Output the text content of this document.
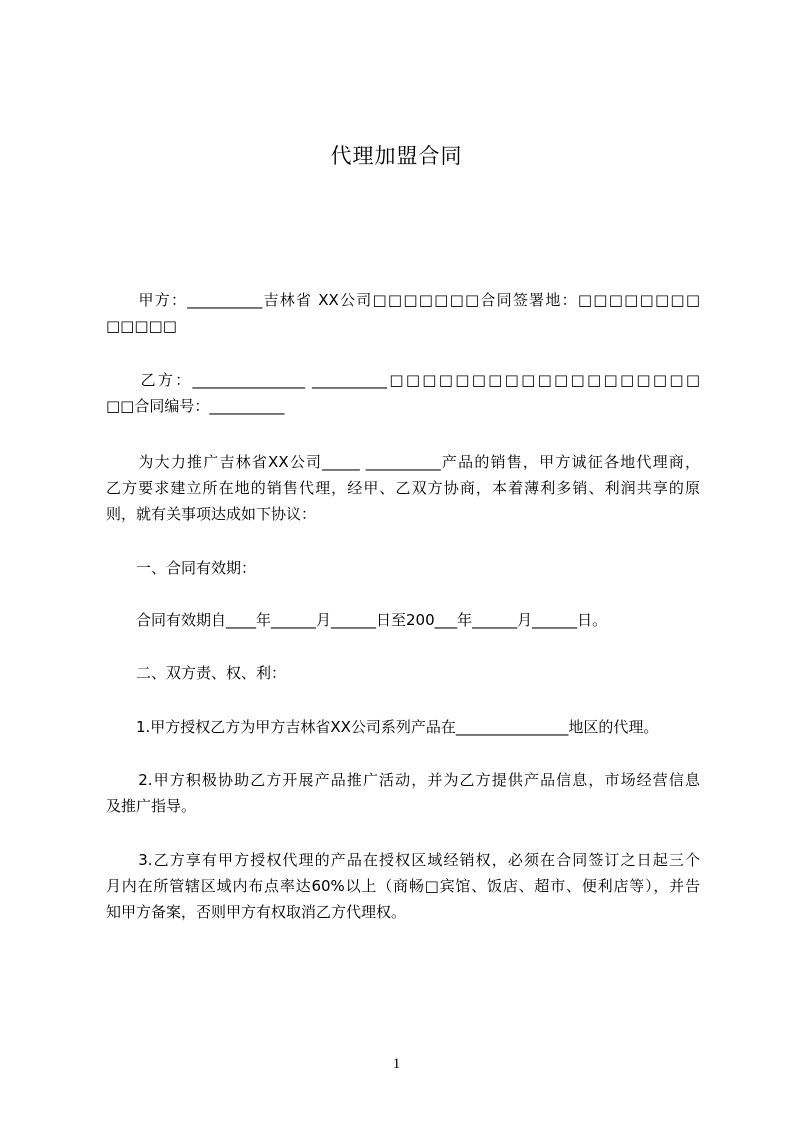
代理加盟合同

　　甲方：__________吉林省 XX公司□□□□□□□合同签署地：□□□□□□□□
□□□□□

　　乙方：_______________ __________□□□□□□□□□□□□□□□□□□□
□□合同编号：__________

　　为大力推广吉林省XX公司_____ __________产品的销售，甲方诚征各地代理商，
乙方要求建立所在地的销售代理，经甲、乙双方协商，本着薄利多销、利润共享的原
则，就有关事项达成如下协议：

　　一、合同有效期：

　　合同有效期自____年______月______日至200___年______月______日。

　　二、双方责、权、利：

　　1.甲方授权乙方为甲方吉林省XX公司系列产品在_______________地区的代理。

　　2.甲方积极协助乙方开展产品推广活动，并为乙方提供产品信息，市场经营信息
及推广指导。

　　3.乙方享有甲方授权代理的产品在授权区域经销权，必须在合同签订之日起三个
月内在所管辖区域内布点率达60%以上（商畅□宾馆、饭店、超市、便利店等），并告
知甲方备案，否则甲方有权取消乙方代理权。

1
